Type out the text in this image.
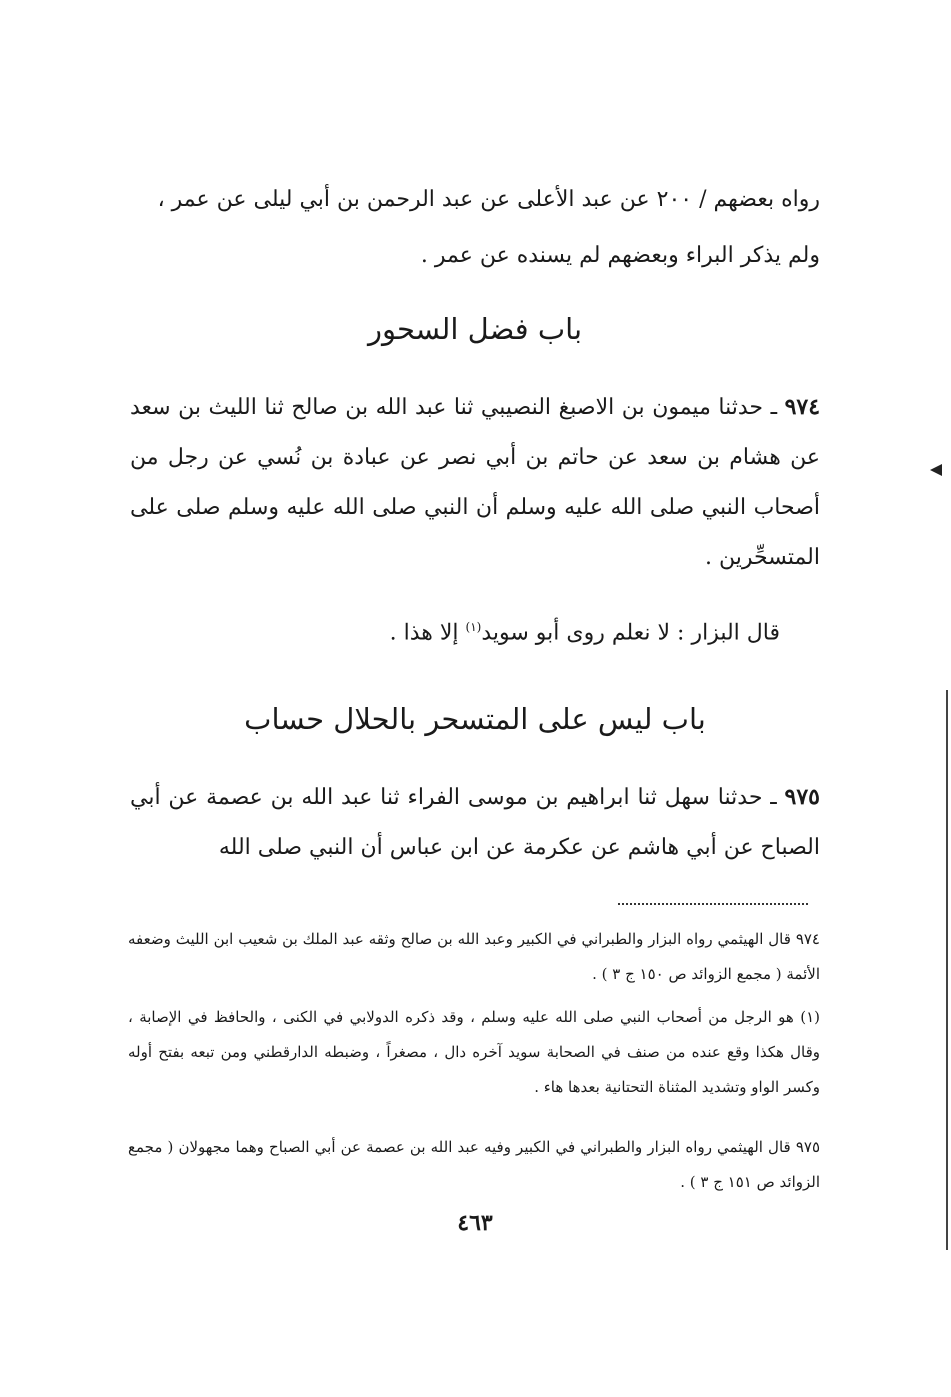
رواه بعضهم / ٢٠٠ عن عبد الأعلى عن عبد الرحمن بن أبي ليلى عن عمر ،
ولم يذكر البراء وبعضهم لم يسنده عن عمر .
باب فضل السحور
٩٧٤ ـ حدثنا ميمون بن الاصبغ النصيبي ثنا عبد الله بن صالح ثنا الليث بن سعد عن هشام بن سعد عن حاتم بن أبي نصر عن عبادة بن نُسي عن رجل من أصحاب النبي صلى الله عليه وسلم أن النبي صلى الله عليه وسلم صلى على المتسحِّرين .
قال البزار : لا نعلم روى أبو سويد$^{(١)}$ إلا هذا .
باب ليس على المتسحر بالحلال حساب
٩٧٥ ـ حدثنا سهل ثنا ابراهيم بن موسى الفراء ثنا عبد الله بن عصمة عن أبي الصباح عن أبي هاشم عن عكرمة عن ابن عباس أن النبي صلى الله
٩٧٤ قال الهيثمي رواه البزار والطبراني في الكبير وعبد الله بن صالح وثقه عبد الملك بن شعيب ابن الليث وضعفه الأئمة ( مجمع الزوائد ص ١٥٠ ج ٣ ) .
(١) هو الرجل من أصحاب النبي صلى الله عليه وسلم ، وقد ذكره الدولابي في الكنى ، والحافظ في الإصابة ، وقال هكذا وقع عنده من صنف في الصحابة سويد آخره دال ، مصغراً ، وضبطه الدارقطني ومن تبعه بفتح أوله وكسر الواو وتشديد المثناة التحتانية بعدها هاء .
٩٧٥ قال الهيثمي رواه البزار والطبراني في الكبير وفيه عبد الله بن عصمة عن أبي الصباح وهما مجهولان ( مجمع الزوائد ص ١٥١ ج ٣ ) .
٤٦٣
